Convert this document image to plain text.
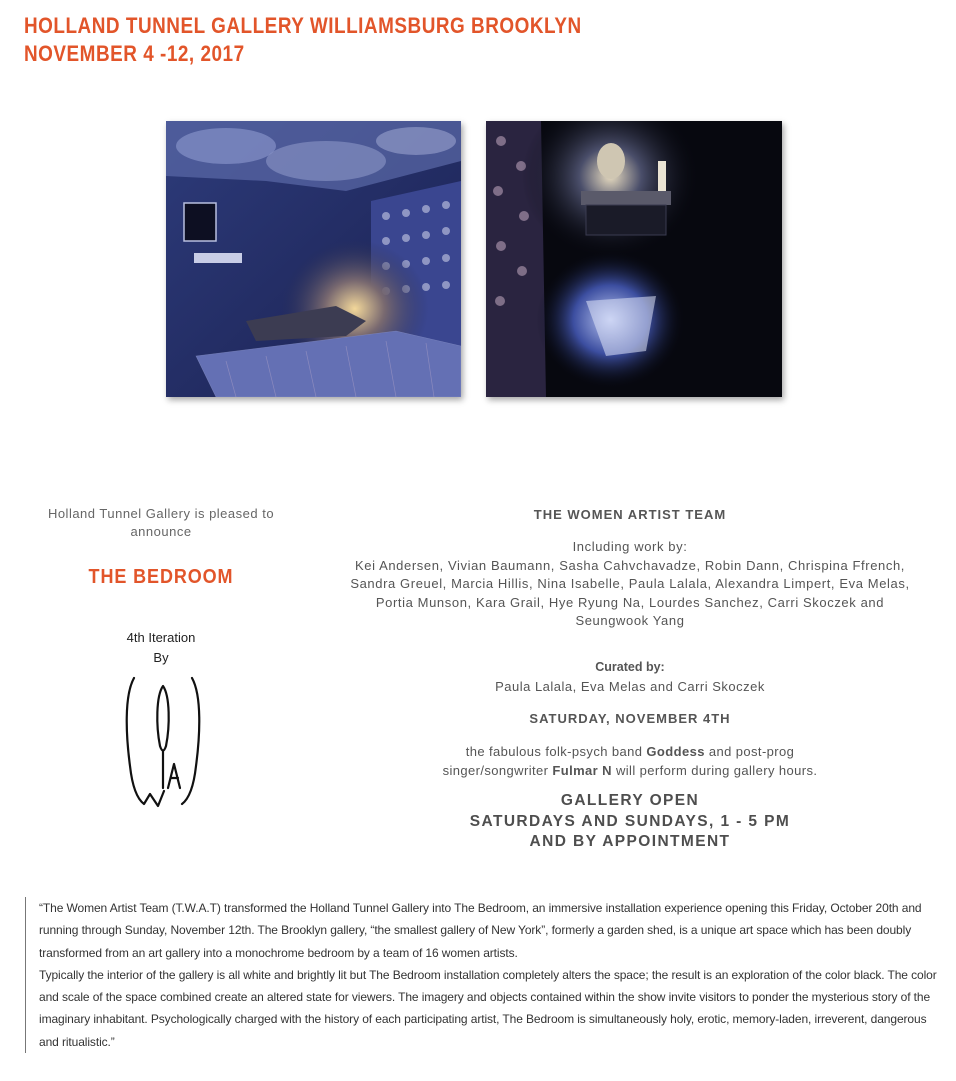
HOLLAND TUNNEL GALLERY WILLIAMSBURG BROOKLYN
NOVEMBER 4 -12, 2017
Holland Tunnel Gallery is pleased to
announce
THE BEDROOM
4th Iteration
By
THE WOMEN ARTIST TEAM
Including work by:
Kei Andersen, Vivian Baumann, Sasha Cahvchavadze, Robin Dann, Chrispina Ffrench,
Sandra Greuel, Marcia Hillis, Nina Isabelle, Paula Lalala, Alexandra Limpert, Eva Melas,
Portia Munson, Kara Grail, Hye Ryung Na, Lourdes Sanchez, Carri Skoczek and
Seungwook Yang
Curated by:
Paula Lalala, Eva Melas and Carri Skoczek
SATURDAY, NOVEMBER 4TH
the fabulous folk-psych band Goddess and post-prog
singer/songwriter Fulmar N will perform during gallery hours.
GALLERY OPEN
SATURDAYS AND SUNDAYS, 1 - 5 PM
AND BY APPOINTMENT

“The Women Artist Team (T.W.A.T) transformed the Holland Tunnel Gallery into The Bedroom, an immersive installation experience opening this Friday, October 20th and running through Sunday, November 12th. The Brooklyn gallery, “the smallest gallery of New York”, formerly a garden shed, is a unique art space which has been doubly transformed from an art gallery into a monochrome bedroom by a team of 16 women artists.

Typically the interior of the gallery is all white and brightly lit but The Bedroom installation completely alters the space; the result is an exploration of the color black. The color and scale of the space combined create an altered state for viewers. The imagery and objects contained within the show invite visitors to ponder the mysterious story of the imaginary inhabitant. Psychologically charged with the history of each participating artist, The Bedroom is simultaneously holy, erotic, memory-laden, irreverent, dangerous and ritualistic.”
